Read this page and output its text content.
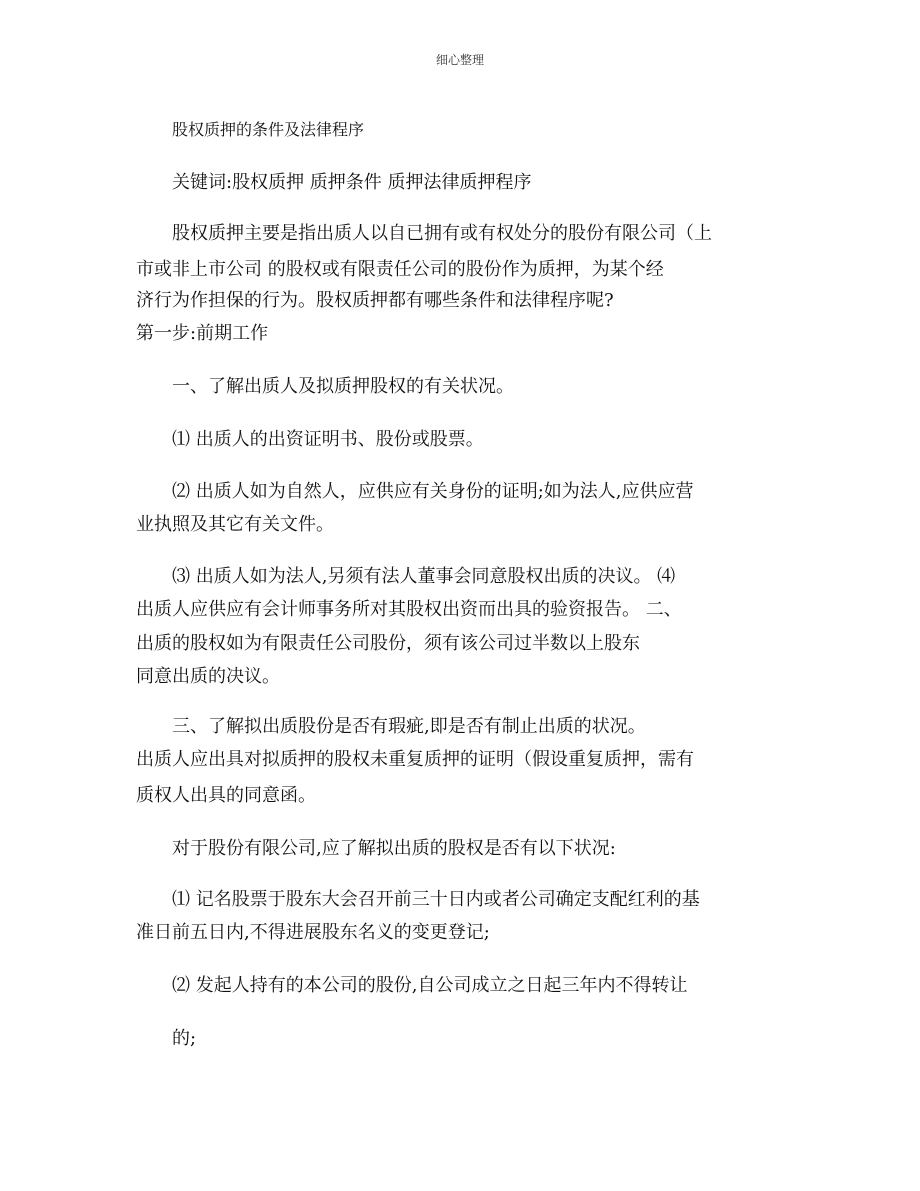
细心整理
股权质押的条件及法律程序
关键词:股权质押 质押条件 质押法律质押程序
股权质押主要是指出质人以自已拥有或有权处分的股份有限公司（上
市或非上市公司 的股权或有限责任公司的股份作为质押，为某个经
济行为作担保的行为。股权质押都有哪些条件和法律程序呢?
第一步:前期工作
一、了解出质人及拟质押股权的有关状况。
⑴ 出质人的出资证明书、股份或股票。
⑵ 出质人如为自然人，应供应有关身份的证明;如为法人,应供应营
业执照及其它有关文件。
⑶ 出质人如为法人,另须有法人董事会同意股权出质的决议。 ⑷
出质人应供应有会计师事务所对其股权出资而出具的验资报告。 二、
出质的股权如为有限责任公司股份，须有该公司过半数以上股东
同意出质的决议。
三、了解拟出质股份是否有瑕疵,即是否有制止出质的状况。
出质人应出具对拟质押的股权未重复质押的证明（假设重复质押，需有
质权人出具的同意函。
对于股份有限公司,应了解拟出质的股权是否有以下状况:
⑴ 记名股票于股东大会召开前三十日内或者公司确定支配红利的基
准日前五日内,不得进展股东名义的变更登记;
⑵ 发起人持有的本公司的股份,自公司成立之日起三年内不得转让
的;
